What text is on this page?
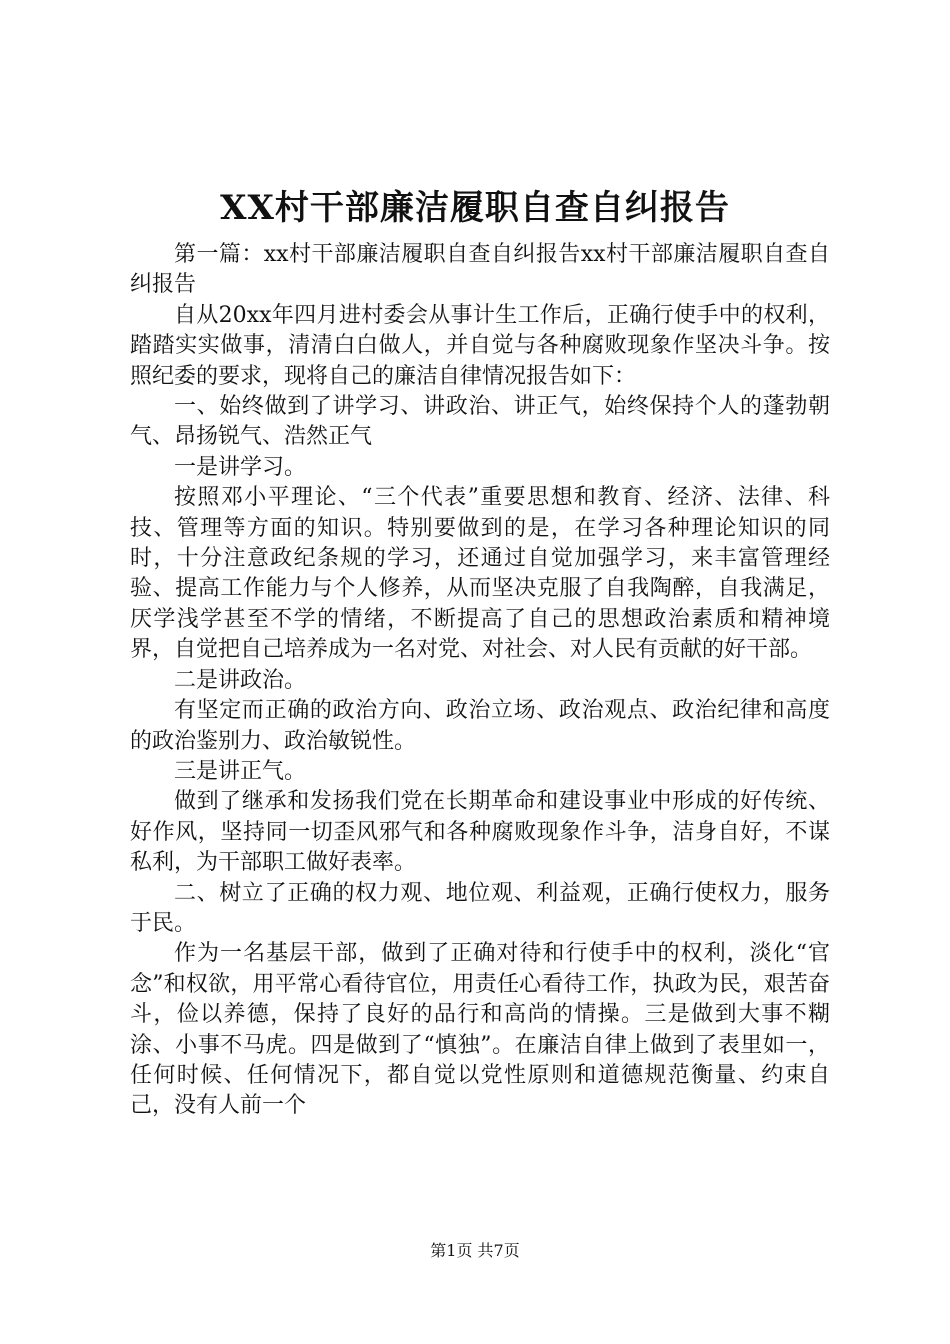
XX村干部廉洁履职自查自纠报告

第一篇：xx村干部廉洁履职自查自纠报告xx村干部廉洁履职自查自纠报告

自从20xx年四月进村委会从事计生工作后，正确行使手中的权利，踏踏实实做事，清清白白做人，并自觉与各种腐败现象作坚决斗争。按照纪委的要求，现将自己的廉洁自律情况报告如下：

一、始终做到了讲学习、讲政治、讲正气，始终保持个人的蓬勃朝气、昂扬锐气、浩然正气

一是讲学习。

按照邓小平理论、“三个代表”重要思想和教育、经济、法律、科技、管理等方面的知识。特别要做到的是，在学习各种理论知识的同时，十分注意政纪条规的学习，还通过自觉加强学习，来丰富管理经验、提高工作能力与个人修养，从而坚决克服了自我陶醉，自我满足，厌学浅学甚至不学的情绪，不断提高了自己的思想政治素质和精神境界，自觉把自己培养成为一名对党、对社会、对人民有贡献的好干部。

二是讲政治。

有坚定而正确的政治方向、政治立场、政治观点、政治纪律和高度的政治鉴别力、政治敏锐性。

三是讲正气。

做到了继承和发扬我们党在长期革命和建设事业中形成的好传统、好作风，坚持同一切歪风邪气和各种腐败现象作斗争，洁身自好，不谋私利，为干部职工做好表率。

二、树立了正确的权力观、地位观、利益观，正确行使权力，服务于民。

作为一名基层干部，做到了正确对待和行使手中的权利，淡化“官念”和权欲，用平常心看待官位，用责任心看待工作，执政为民，艰苦奋斗，俭以养德，保持了良好的品行和高尚的情操。三是做到大事不糊涂、小事不马虎。四是做到了“慎独”。在廉洁自律上做到了表里如一，任何时候、任何情况下，都自觉以党性原则和道德规范衡量、约束自己，没有人前一个

第1页 共7页
